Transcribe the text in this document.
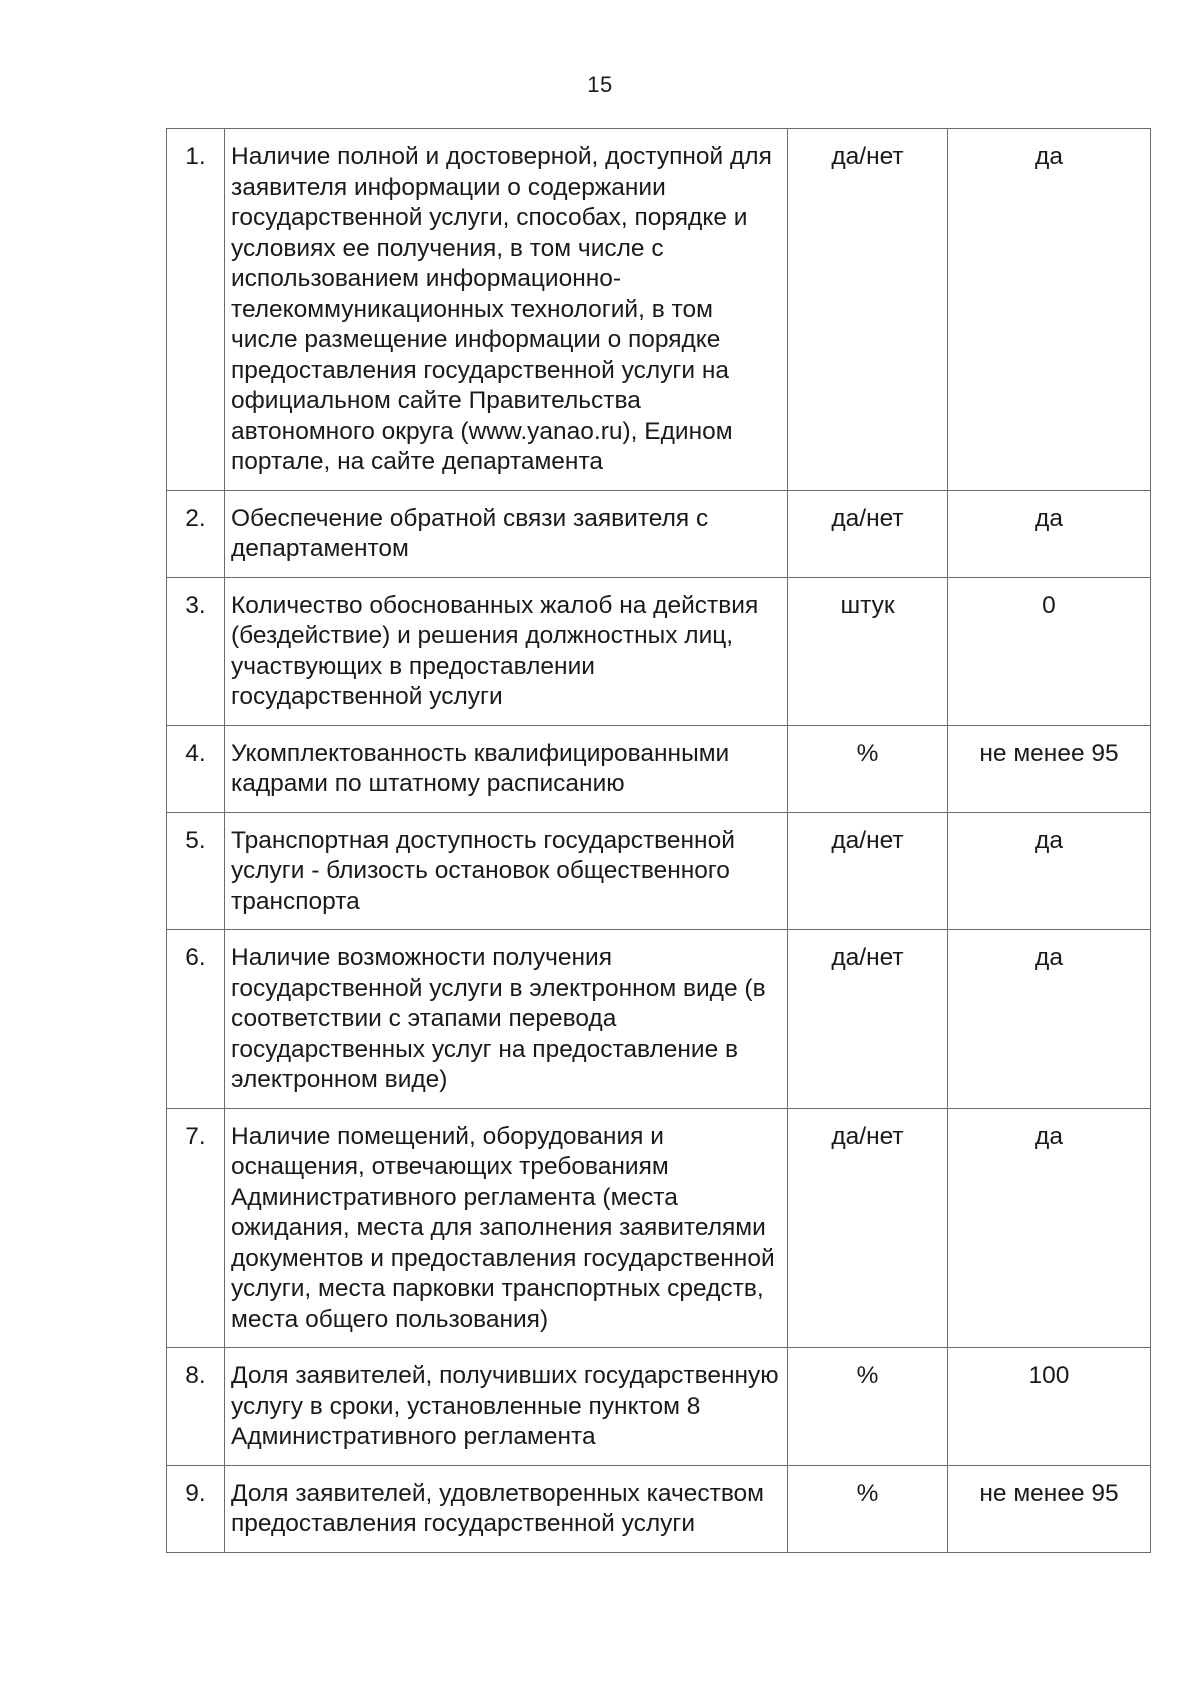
15
1.	Наличие полной и достоверной, доступной для заявителя информации о содержании государственной услуги, способах, порядке и условиях ее получения, в том числе с использованием информационно-телекоммуникационных технологий, в том числе размещение информации о порядке предоставления государственной услуги на официальном сайте Правительства автономного округа (www.yanao.ru), Едином портале, на сайте департамента	да/нет	да
2.	Обеспечение обратной связи заявителя с департаментом	да/нет	да
3.	Количество обоснованных жалоб на действия (бездействие) и решения должностных лиц, участвующих в предоставлении государственной услуги	штук	0
4.	Укомплектованность квалифицированными кадрами по штатному расписанию	%	не менее 95
5.	Транспортная доступность государственной услуги - близость остановок общественного транспорта	да/нет	да
6.	Наличие возможности получения государственной услуги в электронном виде (в соответствии с этапами перевода государственных услуг на предоставление в электронном виде)	да/нет	да
7.	Наличие помещений, оборудования и оснащения, отвечающих требованиям Административного регламента (места ожидания, места для заполнения заявителями документов и предоставления государственной услуги, места парковки транспортных средств, места общего пользования)	да/нет	да
8.	Доля заявителей, получивших государственную услугу в сроки, установленные пунктом 8 Административного регламента	%	100
9.	Доля заявителей, удовлетворенных качеством предоставления государственной услуги	%	не менее 95
